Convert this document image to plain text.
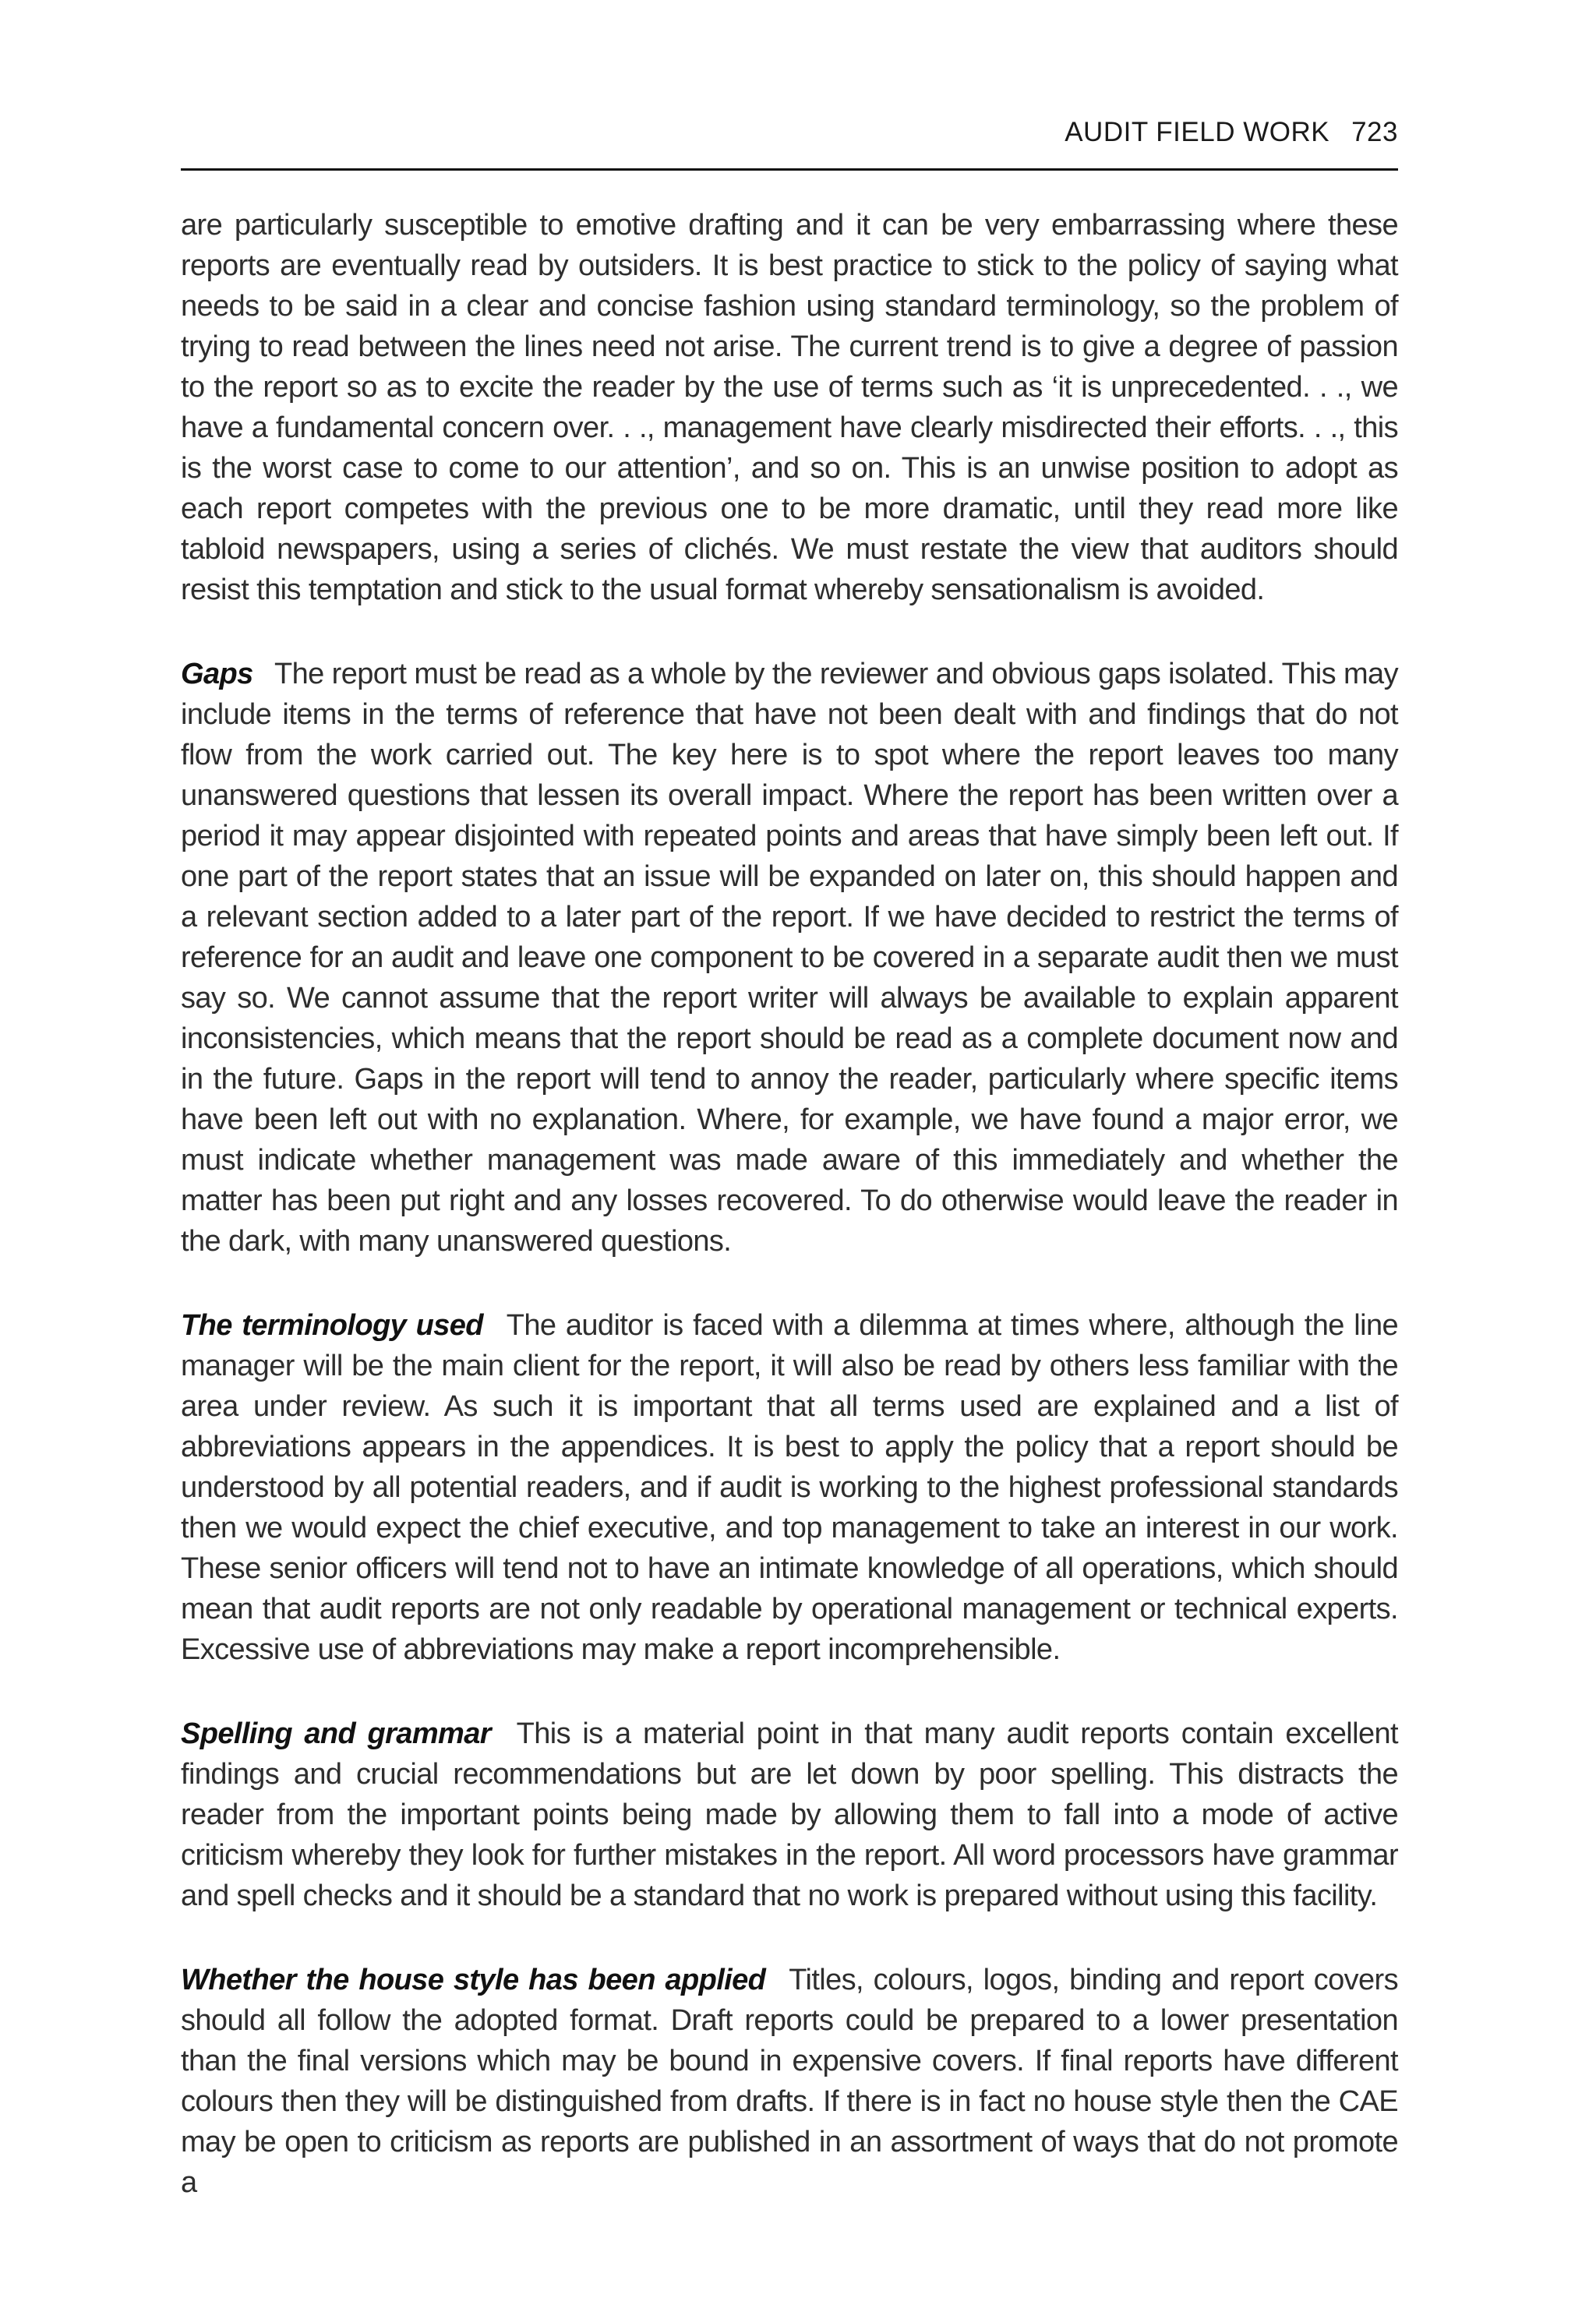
AUDIT FIELD WORK 723

are particularly susceptible to emotive drafting and it can be very embarrassing where these reports are eventually read by outsiders. It is best practice to stick to the policy of saying what needs to be said in a clear and concise fashion using standard terminology, so the problem of trying to read between the lines need not arise. The current trend is to give a degree of passion to the report so as to excite the reader by the use of terms such as ‘it is unprecedented. . ., we have a fundamental concern over. . ., management have clearly misdirected their efforts. . ., this is the worst case to come to our attention’, and so on. This is an unwise position to adopt as each report competes with the previous one to be more dramatic, until they read more like tabloid newspapers, using a series of clichés. We must restate the view that auditors should resist this temptation and stick to the usual format whereby sensationalism is avoided.

Gaps The report must be read as a whole by the reviewer and obvious gaps isolated. This may include items in the terms of reference that have not been dealt with and findings that do not flow from the work carried out. The key here is to spot where the report leaves too many unanswered questions that lessen its overall impact. Where the report has been written over a period it may appear disjointed with repeated points and areas that have simply been left out. If one part of the report states that an issue will be expanded on later on, this should happen and a relevant section added to a later part of the report. If we have decided to restrict the terms of reference for an audit and leave one component to be covered in a separate audit then we must say so. We cannot assume that the report writer will always be available to explain apparent inconsistencies, which means that the report should be read as a complete document now and in the future. Gaps in the report will tend to annoy the reader, particularly where specific items have been left out with no explanation. Where, for example, we have found a major error, we must indicate whether management was made aware of this immediately and whether the matter has been put right and any losses recovered. To do otherwise would leave the reader in the dark, with many unanswered questions.

The terminology used The auditor is faced with a dilemma at times where, although the line manager will be the main client for the report, it will also be read by others less familiar with the area under review. As such it is important that all terms used are explained and a list of abbreviations appears in the appendices. It is best to apply the policy that a report should be understood by all potential readers, and if audit is working to the highest professional standards then we would expect the chief executive, and top management to take an interest in our work. These senior officers will tend not to have an intimate knowledge of all operations, which should mean that audit reports are not only readable by operational management or technical experts. Excessive use of abbreviations may make a report incomprehensible.

Spelling and grammar This is a material point in that many audit reports contain excellent findings and crucial recommendations but are let down by poor spelling. This distracts the reader from the important points being made by allowing them to fall into a mode of active criticism whereby they look for further mistakes in the report. All word processors have grammar and spell checks and it should be a standard that no work is prepared without using this facility.

Whether the house style has been applied Titles, colours, logos, binding and report covers should all follow the adopted format. Draft reports could be prepared to a lower presentation than the final versions which may be bound in expensive covers. If final reports have different colours then they will be distinguished from drafts. If there is in fact no house style then the CAE may be open to criticism as reports are published in an assortment of ways that do not promote a
